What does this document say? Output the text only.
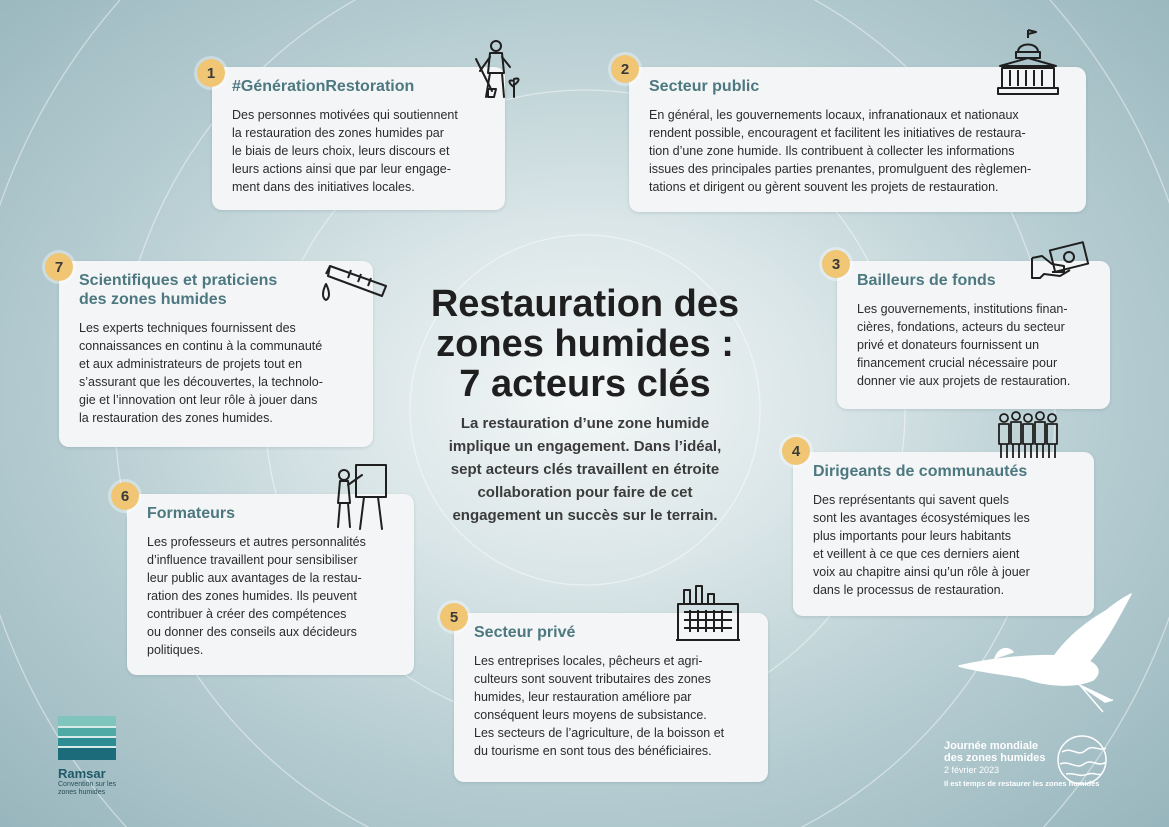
#GénérationRestoration

Des personnes motivées qui soutiennent
la restauration des zones humides par
le biais de leurs choix, leurs discours et
leurs actions ainsi que par leur engage-
ment dans des initiatives locales.

1
Secteur public

En général, les gouvernements locaux, infranationaux et nationaux
rendent possible, encouragent et facilitent les initiatives de restaura-
tion d’une zone humide. Ils contribuent à collecter les informations
issues des principales parties prenantes, promulguent des règlemen-
tations et dirigent ou gèrent souvent les projets de restauration.

2
Bailleurs de fonds

Les gouvernements, institutions finan-
cières, fondations, acteurs du secteur
privé et donateurs fournissent un
financement crucial nécessaire pour
donner vie aux projets de restauration.

3
Dirigeants de communautés

Des représentants qui savent quels
sont les avantages écosystémiques les
plus importants pour leurs habitants
et veillent à ce que ces derniers aient
voix au chapitre ainsi qu’un rôle à jouer
dans le processus de restauration.

4
Secteur privé

Les entreprises locales, pêcheurs et agri-
culteurs sont souvent tributaires des zones
humides, leur restauration améliore par
conséquent leurs moyens de subsistance.
Les secteurs de l’agriculture, de la boisson et
du tourisme en sont tous des bénéficiaires.

5
Formateurs

Les professeurs et autres personnalités
d’influence travaillent pour sensibiliser
leur public aux avantages de la restau-
ration des zones humides. Ils peuvent
contribuer à créer des compétences
ou donner des conseils aux décideurs
politiques.

6
Scientifiques et praticiens
des zones humides

Les experts techniques fournissent des
connaissances en continu à la communauté
et aux administrateurs de projets tout en
s’assurant que les découvertes, la technolo-
gie et l’innovation ont leur rôle à jouer dans
la restauration des zones humides.

7
Restauration des
zones humides :
7 acteurs clés

La restauration d’une zone humide
implique un engagement. Dans l’idéal,
sept acteurs clés travaillent en étroite
collaboration pour faire de cet
engagement un succès sur le terrain.

Ramsar
Convention sur les
zones humides
Journée mondiale
des zones humides
2 février 2023
Il est temps de restaurer les zones humides
